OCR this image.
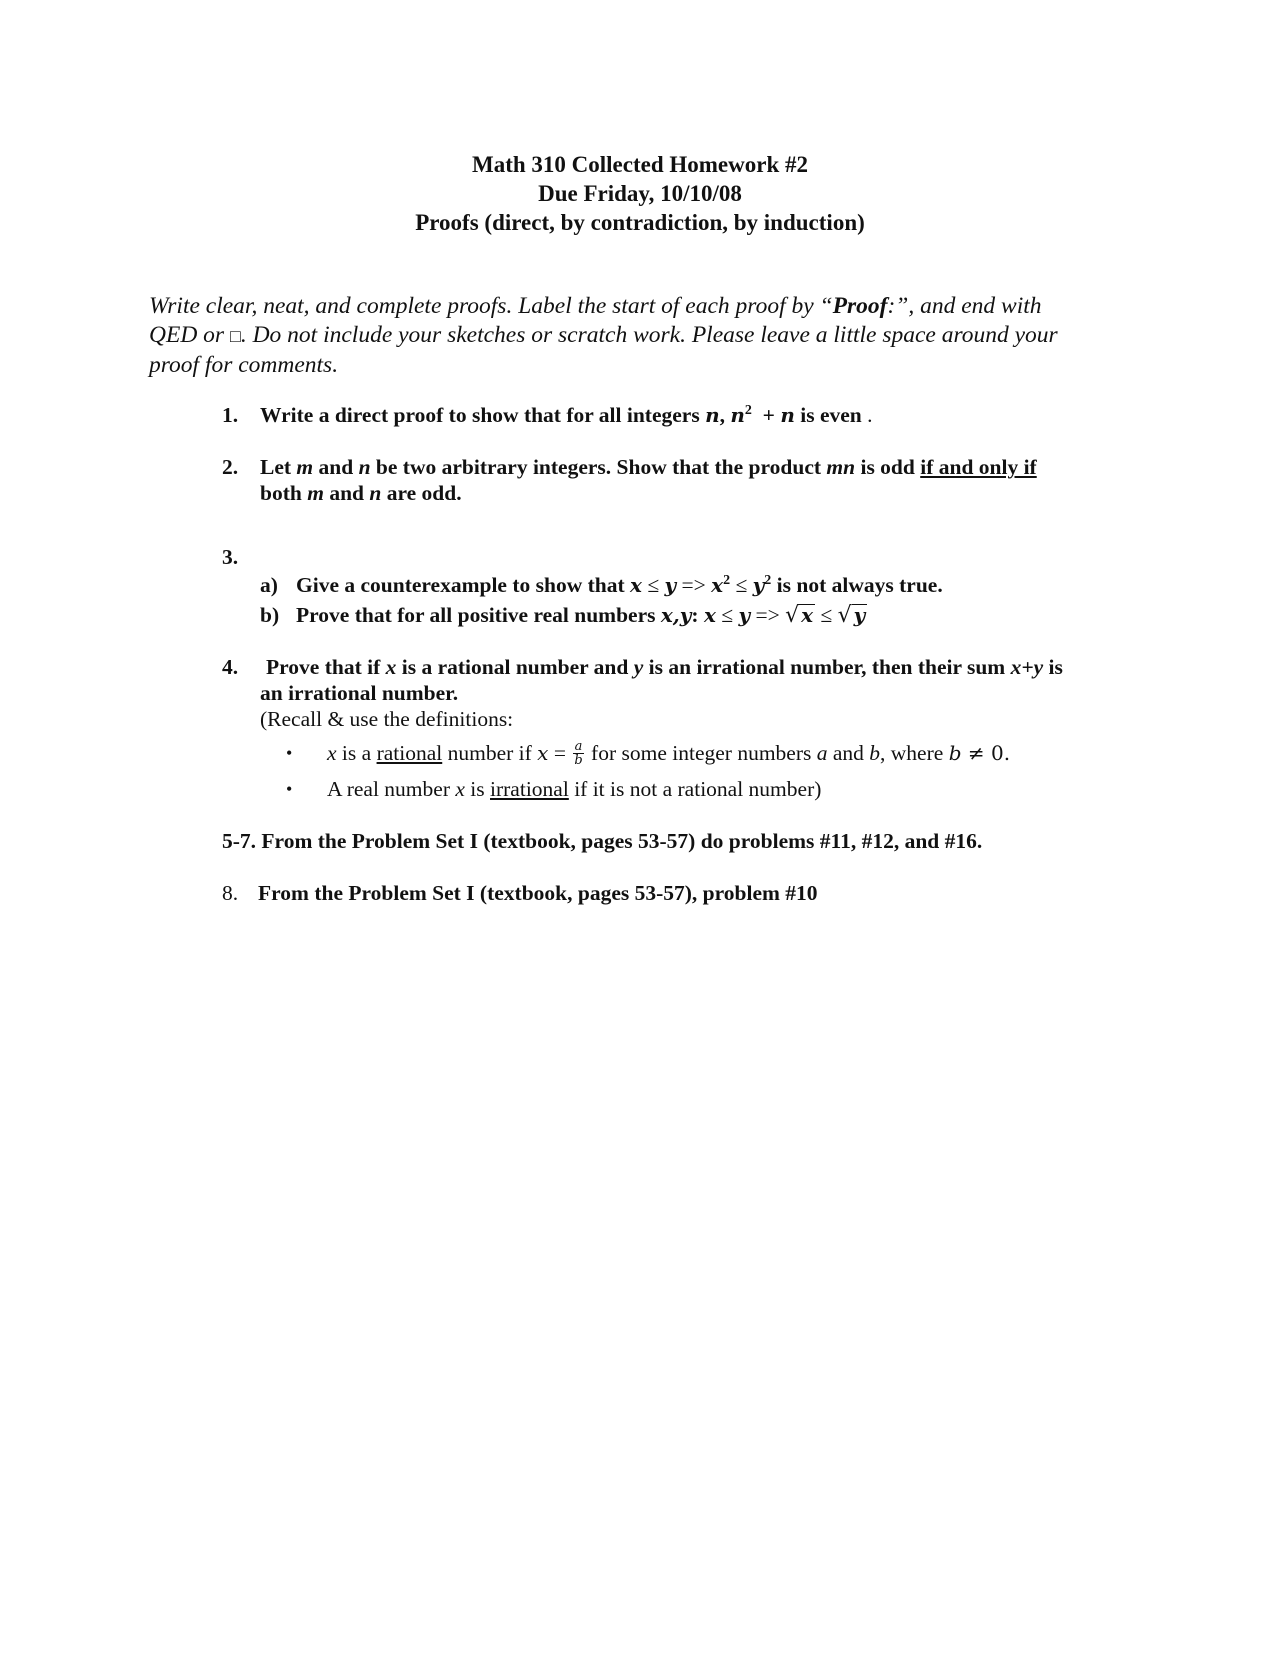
Math 310 Collected Homework #2
Due Friday, 10/10/08
Proofs (direct, by contradiction, by induction)
Write clear, neat, and complete proofs. Label the start of each proof by “Proof:”, and end with
QED or □. Do not include your sketches or scratch work. Please leave a little space around your
proof for comments.
1. Write a direct proof to show that for all integers n, $n^2 + n$ is even .
2. Let m and n be two arbitrary integers. Show that the product mn is odd if and only if
both m and n are odd.
3.
a) Give a counterexample to show that $x \le y => x^2 \le y^2$ is not always true.
b) Prove that for all positive real numbers x,y: x ≤ y => √ x ≤ √ y
4. Prove that if x is a rational number and y is an irrational number, then their sum x+y is
an irrational number.
(Recall & use the definitions:
• x is a rational number if $x = \frac{a}{b}$ for some integer numbers a and b, where b ≠ 0.
• A real number x is irrational if it is not a rational number)
5-7. From the Problem Set I (textbook, pages 53-57) do problems #11, #12, and #16.
8. From the Problem Set I (textbook, pages 53-57), problem #10
